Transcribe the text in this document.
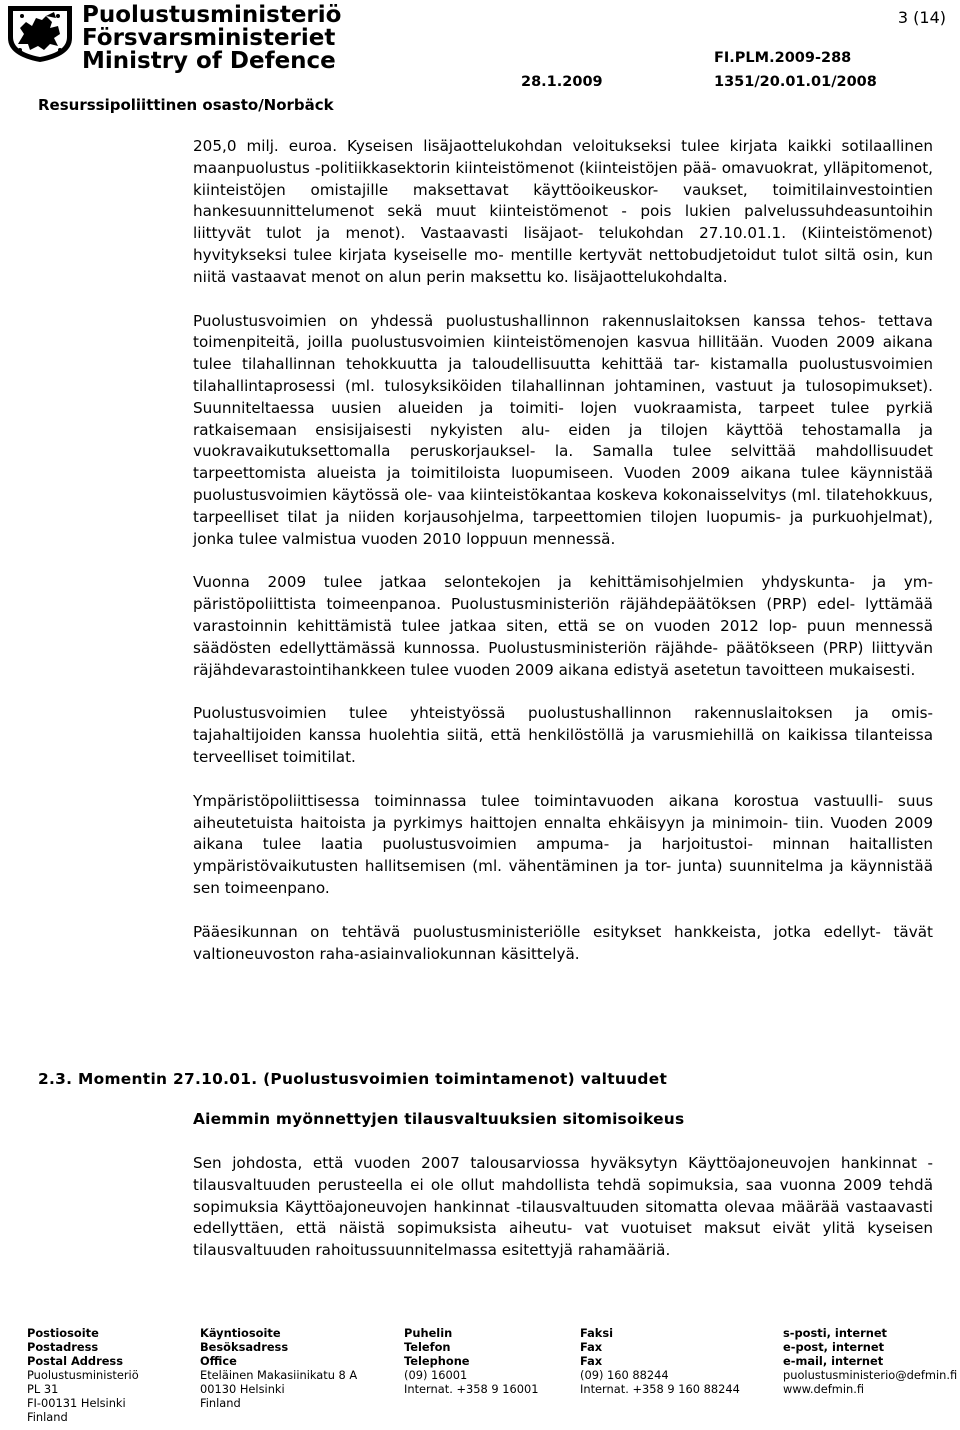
Puolustusministeriö
Försvarsministeriet
Ministry of Defence
Resurssipoliittinen osasto/Norbäck
3 (14)
FI.PLM.2009-288
28.1.2009	1351/20.01.01/2008

205,0 milj. euroa. Kyseisen lisäjaottelukohdan veloitukseksi tulee kirjata kaikki sotilaallinen maanpuolustus -politiikkasektorin kiinteistömenot (kiinteistöjen pää- omavuokrat, ylläpitomenot, kiinteistöjen omistajille maksettavat käyttöoikeuskor- vaukset, toimitilainvestointien hankesuunnittelumenot sekä muut kiinteistömenot - pois lukien palvelussuhdeasuntoihin liittyvät tulot ja menot). Vastaavasti lisäjaot- telukohdan 27.10.01.1. (Kiinteistömenot) hyvitykseksi tulee kirjata kyseiselle mo- mentille kertyvät nettobudjetoidut tulot siltä osin, kun niitä vastaavat menot on alun perin maksettu ko. lisäjaottelukohdalta.

Puolustusvoimien on yhdessä puolustushallinnon rakennuslaitoksen kanssa tehos- tettava toimenpiteitä, joilla puolustusvoimien kiinteistömenojen kasvua hillitään. Vuoden 2009 aikana tulee tilahallinnan tehokkuutta ja taloudellisuutta kehittää tar- kistamalla puolustusvoimien tilahallintaprosessi (ml. tulosyksiköiden tilahallinnan johtaminen, vastuut ja tulosopimukset). Suunniteltaessa uusien alueiden ja toimiti- lojen vuokraamista, tarpeet tulee pyrkiä ratkaisemaan ensisijaisesti nykyisten alu- eiden ja tilojen käyttöä tehostamalla ja vuokravaikutuksettomalla peruskorjauksel- la. Samalla tulee selvittää mahdollisuudet tarpeettomista alueista ja toimitiloista luopumiseen. Vuoden 2009 aikana tulee käynnistää puolustusvoimien käytössä ole- vaa kiinteistökantaa koskeva kokonaisselvitys (ml. tilatehokkuus, tarpeelliset tilat ja niiden korjausohjelma, tarpeettomien tilojen luopumis- ja purkuohjelmat), jonka tulee valmistua vuoden 2010 loppuun mennessä.

Vuonna 2009 tulee jatkaa selontekojen ja kehittämisohjelmien yhdyskunta- ja ym- päristöpoliittista toimeenpanoa. Puolustusministeriön räjähdepäätöksen (PRP) edel- lyttämää varastoinnin kehittämistä tulee jatkaa siten, että se on vuoden 2012 lop- puun mennessä säädösten edellyttämässä kunnossa. Puolustusministeriön räjähde- päätökseen (PRP) liittyvän räjähdevarastointihankkeen tulee vuoden 2009 aikana edistyä asetetun tavoitteen mukaisesti.

Puolustusvoimien tulee yhteistyössä puolustushallinnon rakennuslaitoksen ja omis- tajahaltijoiden kanssa huolehtia siitä, että henkilöstöllä ja varusmiehillä on kaikissa tilanteissa terveelliset toimitilat.

Ympäristöpoliittisessa toiminnassa tulee toimintavuoden aikana korostua vastuulli- suus aiheutetuista haitoista ja pyrkimys haittojen ennalta ehkäisyyn ja minimoin- tiin. Vuoden 2009 aikana tulee laatia puolustusvoimien ampuma- ja harjoitustoi- minnan haitallisten ympäristövaikutusten hallitsemisen (ml. vähentäminen ja tor- junta) suunnitelma ja käynnistää sen toimeenpano.

Pääesikunnan on tehtävä puolustusministeriölle esitykset hankkeista, jotka edellyt- tävät valtioneuvoston raha-asiainvaliokunnan käsittelyä.

2.3. Momentin 27.10.01. (Puolustusvoimien toimintamenot) valtuudet
Aiemmin myönnettyjen tilausvaltuuksien sitomisoikeus

Sen johdosta, että vuoden 2007 talousarviossa hyväksytyn Käyttöajoneuvojen hankinnat -tilausvaltuuden perusteella ei ole ollut mahdollista tehdä sopimuksia, saa vuonna 2009 tehdä sopimuksia Käyttöajoneuvojen hankinnat -tilausvaltuuden sitomatta olevaa määrää vastaavasti edellyttäen, että näistä sopimuksista aiheutu- vat vuotuiset maksut eivät ylitä kyseisen tilausvaltuuden rahoitussuunnitelmassa esitettyjä rahamääriä.

Postiosoite
Postadress
Postal Address
Puolustusministeriö
PL 31
FI-00131 Helsinki
Finland
Käyntiosoite
Besöksadress
Office
Eteläinen Makasiinikatu 8 A
00130 Helsinki
Finland
Puhelin
Telefon
Telephone
(09) 16001
Internat. +358 9 16001
Faksi
Fax
Fax
(09) 160 88244
Internat. +358 9 160 88244
s-posti, internet
e-post, internet
e-mail, internet
puolustusministerio@defmin.fi
www.defmin.fi
